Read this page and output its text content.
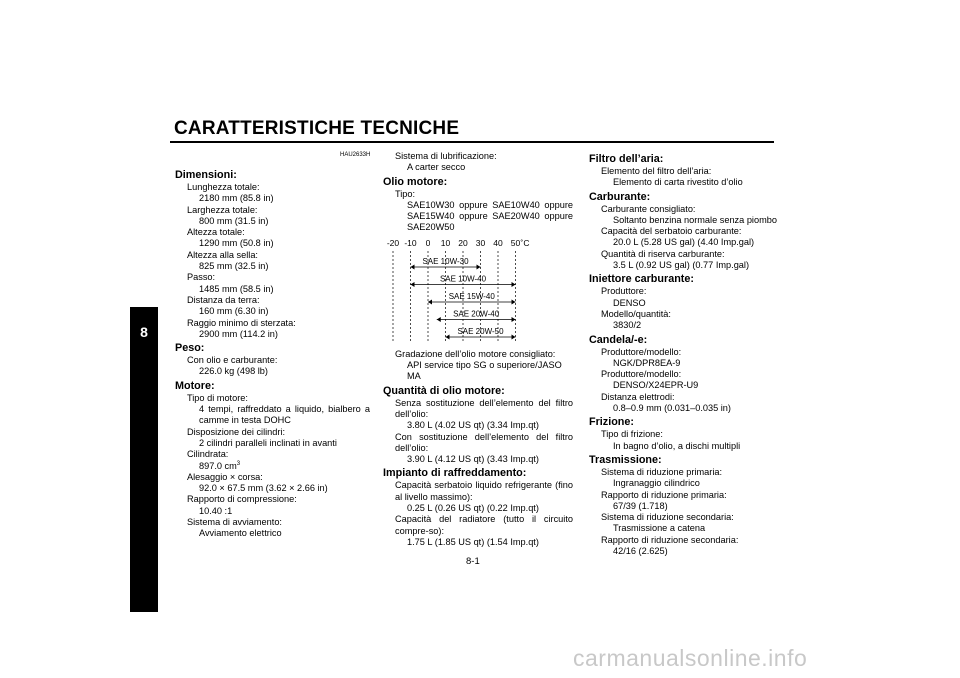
CARATTERISTICHE TECNICHE
8
HAU2633H
Dimensioni:
Lunghezza totale:
2180 mm (85.8 in)
Larghezza totale:
800 mm (31.5 in)
Altezza totale:
1290 mm (50.8 in)
Altezza alla sella:
825 mm (32.5 in)
Passo:
1485 mm (58.5 in)
Distanza da terra:
160 mm (6.30 in)
Raggio minimo di sterzata:
2900 mm (114.2 in)
Peso:
Con olio e carburante:
226.0 kg (498 lb)
Motore:
Tipo di motore:
4 tempi, raffreddato a liquido, bialbero a camme in testa DOHC
Disposizione dei cilindri:
2 cilindri paralleli inclinati in avanti
Cilindrata:
897.0 $cm^3$
Alesaggio × corsa:
92.0 × 67.5 mm (3.62 × 2.66 in)
Rapporto di compressione:
10.40 :1
Sistema di avviamento:
Avviamento elettrico
Sistema di lubrificazione:
A carter secco
Olio motore:
Tipo:
SAE10W30 oppure SAE10W40 oppure SAE15W40 oppure SAE20W40 oppure SAE20W50
-20 -10 0 10 20 30 40 50 ˚C
SAE 10W-30
SAE 10W-40
SAE 15W-40
SAE 20W-40
SAE 20W-50
Gradazione dell’olio motore consigliato:
API service tipo SG o superiore/JASO MA
Quantità di olio motore:
Senza sostituzione dell’elemento del filtro dell’olio:
3.80 L (4.02 US qt) (3.34 Imp.qt)
Con sostituzione dell’elemento del filtro dell’olio:
3.90 L (4.12 US qt) (3.43 Imp.qt)
Impianto di raffreddamento:
Capacità serbatoio liquido refrigerante (fino al livello massimo):
0.25 L (0.26 US qt) (0.22 Imp.qt)
Capacità del radiatore (tutto il circuito compre-so):
1.75 L (1.85 US qt) (1.54 Imp.qt)
Filtro dell’aria:
Elemento del filtro dell’aria:
Elemento di carta rivestito d’olio
Carburante:
Carburante consigliato:
Soltanto benzina normale senza piombo
Capacità del serbatoio carburante:
20.0 L (5.28 US gal) (4.40 Imp.gal)
Quantità di riserva carburante:
3.5 L (0.92 US gal) (0.77 Imp.gal)
Iniettore carburante:
Produttore:
DENSO
Modello/quantità:
3830/2
Candela/-e:
Produttore/modello:
NGK/DPR8EA-9
Produttore/modello:
DENSO/X24EPR-U9
Distanza elettrodi:
0.8–0.9 mm (0.031–0.035 in)
Frizione:
Tipo di frizione:
In bagno d’olio, a dischi multipli
Trasmissione:
Sistema di riduzione primaria:
Ingranaggio cilindrico
Rapporto di riduzione primaria:
67/39 (1.718)
Sistema di riduzione secondaria:
Trasmissione a catena
Rapporto di riduzione secondaria:
42/16 (2.625)
8-1
carmanualsonline.info
